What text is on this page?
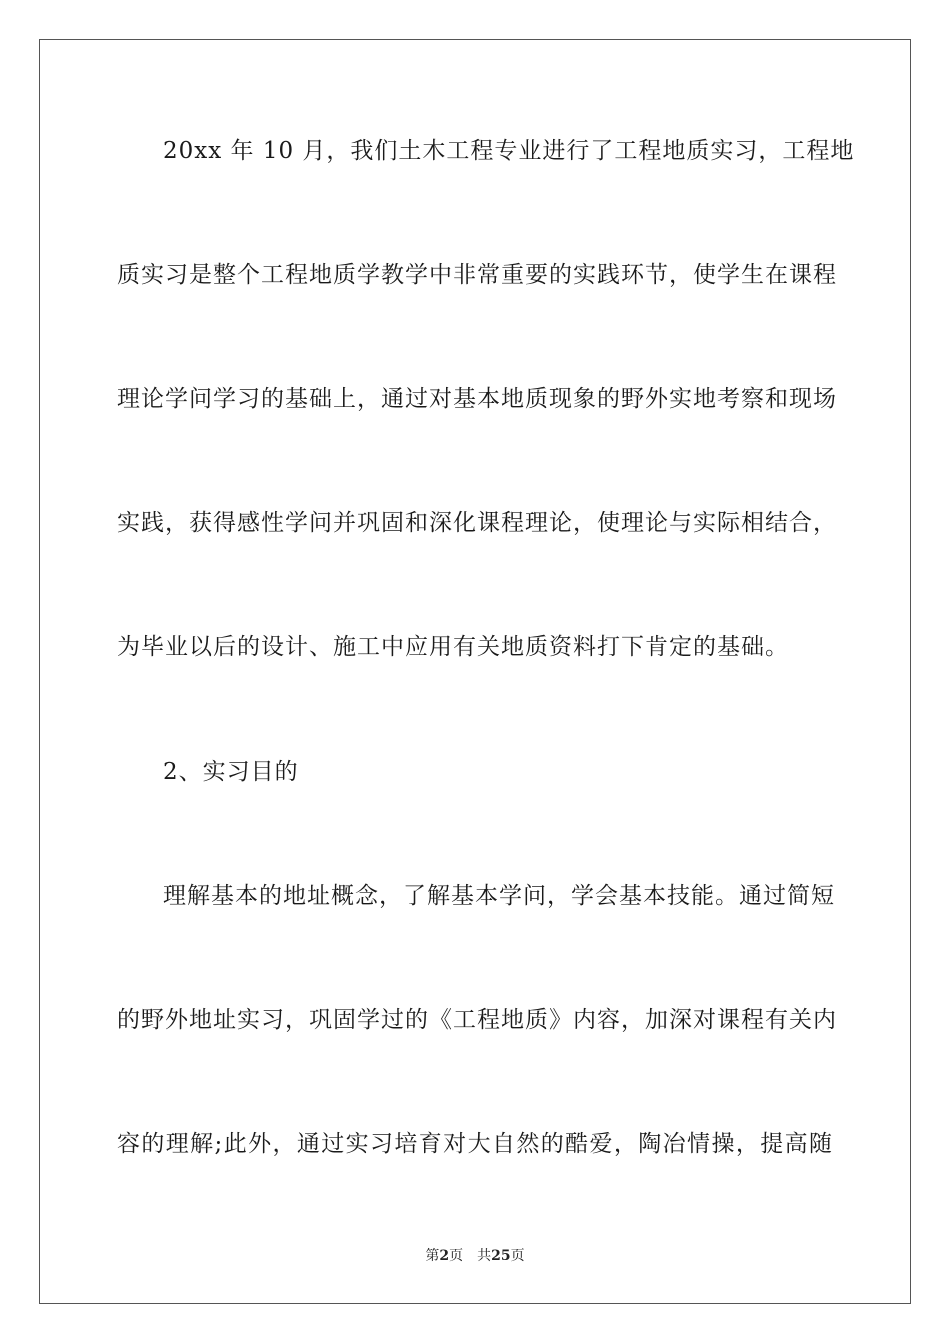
20xx 年 10 月，我们土木工程专业进行了工程地质实习，工程地
质实习是整个工程地质学教学中非常重要的实践环节，使学生在课程
理论学问学习的基础上，通过对基本地质现象的野外实地考察和现场
实践，获得感性学问并巩固和深化课程理论，使理论与实际相结合，
为毕业以后的设计、施工中应用有关地质资料打下肯定的基础。
2、实习目的
理解基本的地址概念，了解基本学问，学会基本技能。通过简短
的野外地址实习，巩固学过的《工程地质》内容，加深对课程有关内
容的理解;此外，通过实习培育对大自然的酷爱，陶冶情操，提高随
第2页 共25页
